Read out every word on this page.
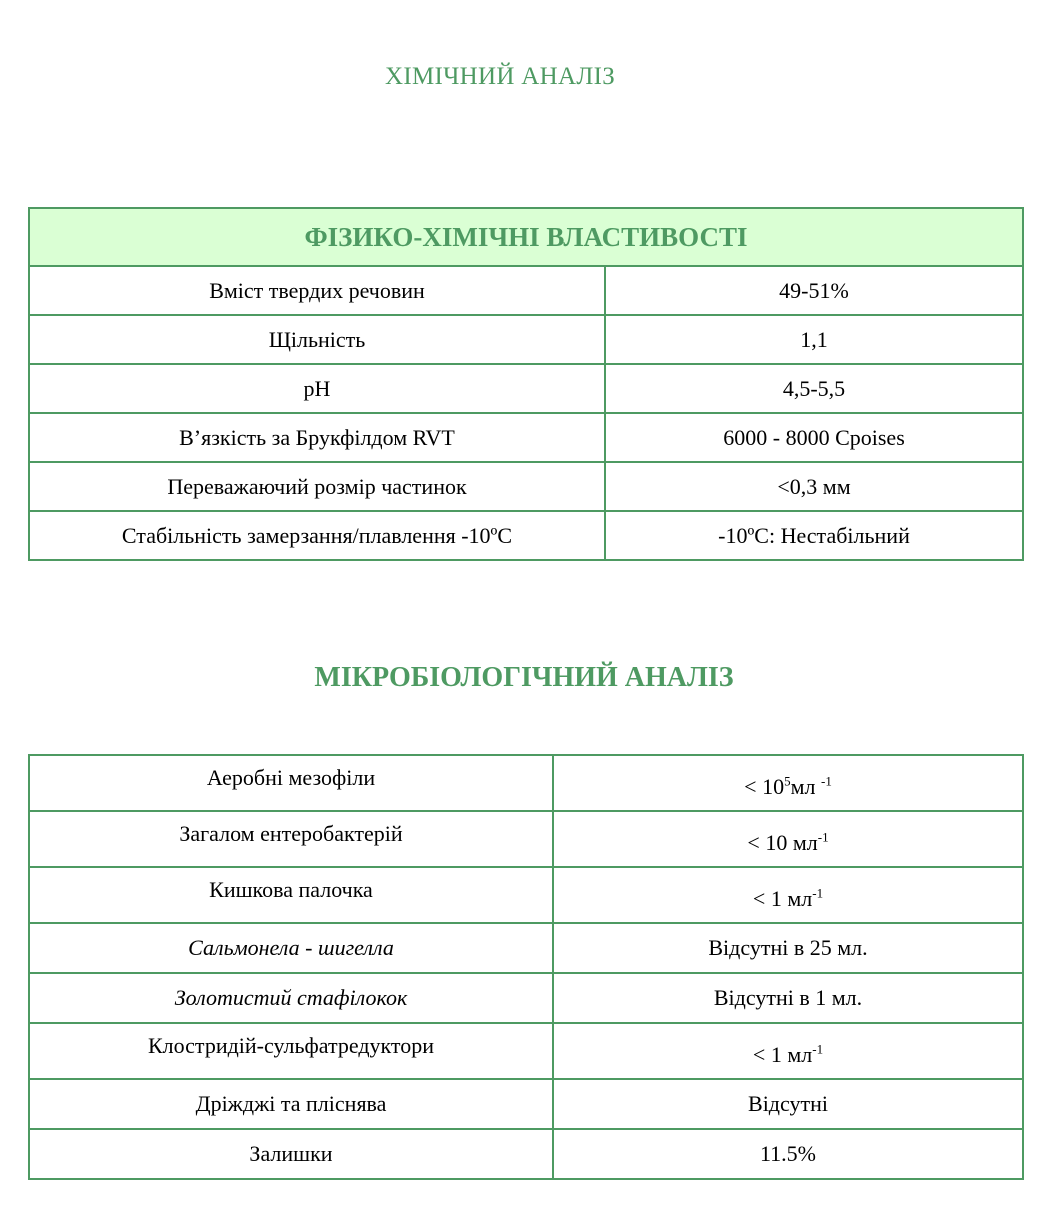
ХІМІЧНИЙ АНАЛІЗ
ФІЗИКО-ХІМІЧНІ ВЛАСТИВОСТІ	
Вміст твердих речовин	49-51%
Щільність	1,1
pH	4,5-5,5
В’язкість за Брукфілдом RVT	6000 - 8000 Cpoises
Переважаючий розмір частинок	<0,3 мм
Стабільність замерзання/плавлення -10ºC	-10ºC: Нестабільний
МІКРОБІОЛОГІЧНИЙ АНАЛІЗ
Аеробні мезофіли	< $10^5мл$ $^{-1}$
Загалом ентеробактерій	< 10 $мл^{-1}$
Кишкова палочка	< 1 $мл^{-1}$
Сальмонела - шигелла	Відсутні в 25 мл.
Золотистий стафілокок	Відсутні в 1 мл.
Клостридій-сульфатредуктори	< 1 $мл^{-1}$
Дріжджі та пліснява	Відсутні
Залишки	11.5%
